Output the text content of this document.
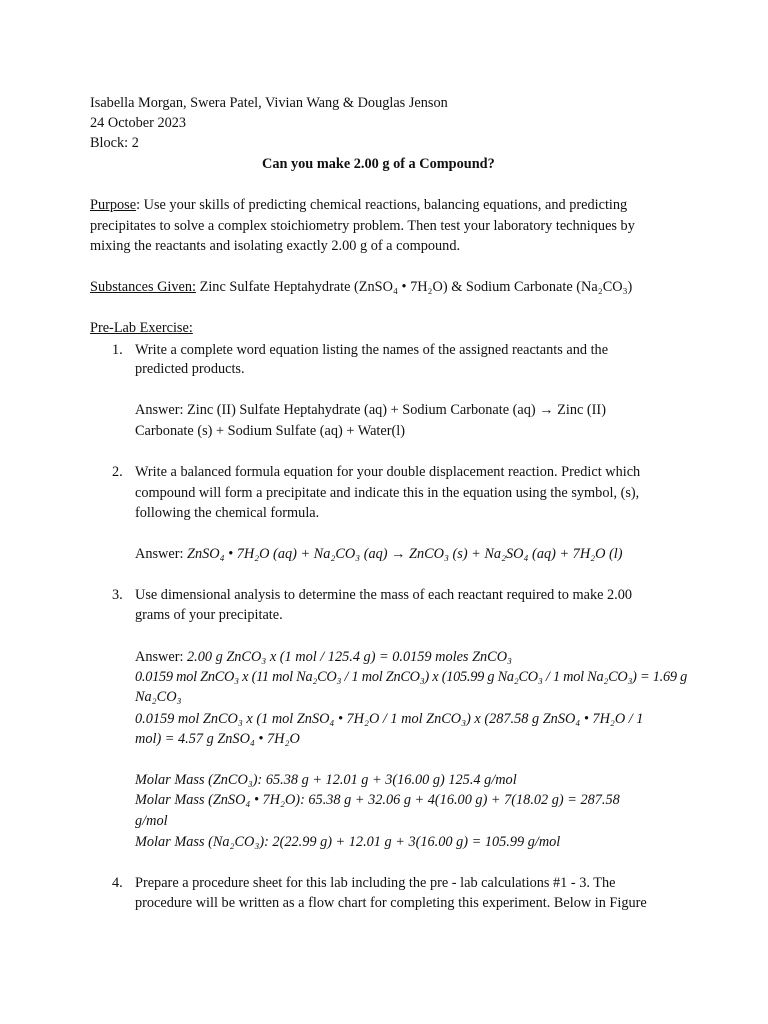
Isabella Morgan, Swera Patel, Vivian Wang & Douglas Jenson
24 October 2023
Block: 2
Can you make 2.00 g of a Compound?
Purpose: Use your skills of predicting chemical reactions, balancing equations, and predicting
precipitates to solve a complex stoichiometry problem. Then test your laboratory techniques by
mixing the reactants and isolating exactly 2.00 g of a compound.
Substances Given: Zinc Sulfate Heptahydrate (ZnSO₄ • 7H₂O) & Sodium Carbonate (Na₂CO₃)
Pre-Lab Exercise:
1. Write a complete word equation listing the names of the assigned reactants and the
predicted products.
Answer: Zinc (II) Sulfate Heptahydrate (aq) + Sodium Carbonate (aq) → Zinc (II)
Carbonate (s) + Sodium Sulfate (aq) + Water(l)
2. Write a balanced formula equation for your double displacement reaction. Predict which
compound will form a precipitate and indicate this in the equation using the symbol, (s),
following the chemical formula.
Answer: ZnSO₄ • 7H₂O (aq) + Na₂CO₃ (aq) → ZnCO₃ (s) + Na₂SO₄ (aq) + 7H₂O (l)
3. Use dimensional analysis to determine the mass of each reactant required to make 2.00
grams of your precipitate.
Answer: 2.00 g ZnCO₃ x (1 mol / 125.4 g) = 0.0159 moles ZnCO₃
0.0159 mol ZnCO₃ x (11 mol Na₂CO₃ / 1 mol ZnCO₃) x (105.99 g Na₂CO₃ / 1 mol Na₂CO₃) = 1.69 g
Na₂CO₃
0.0159 mol ZnCO₃ x (1 mol ZnSO₄ • 7H₂O / 1 mol ZnCO₃) x (287.58 g ZnSO₄ • 7H₂O / 1
mol) = 4.57 g ZnSO₄ • 7H₂O
Molar Mass (ZnCO₃): 65.38 g + 12.01 g + 3(16.00 g) 125.4 g/mol
Molar Mass (ZnSO₄ • 7H₂O): 65.38 g + 32.06 g + 4(16.00 g) + 7(18.02 g) = 287.58
g/mol
Molar Mass (Na₂CO₃): 2(22.99 g) + 12.01 g + 3(16.00 g) = 105.99 g/mol
4. Prepare a procedure sheet for this lab including the pre - lab calculations #1 - 3. The
procedure will be written as a flow chart for completing this experiment. Below in Figure
